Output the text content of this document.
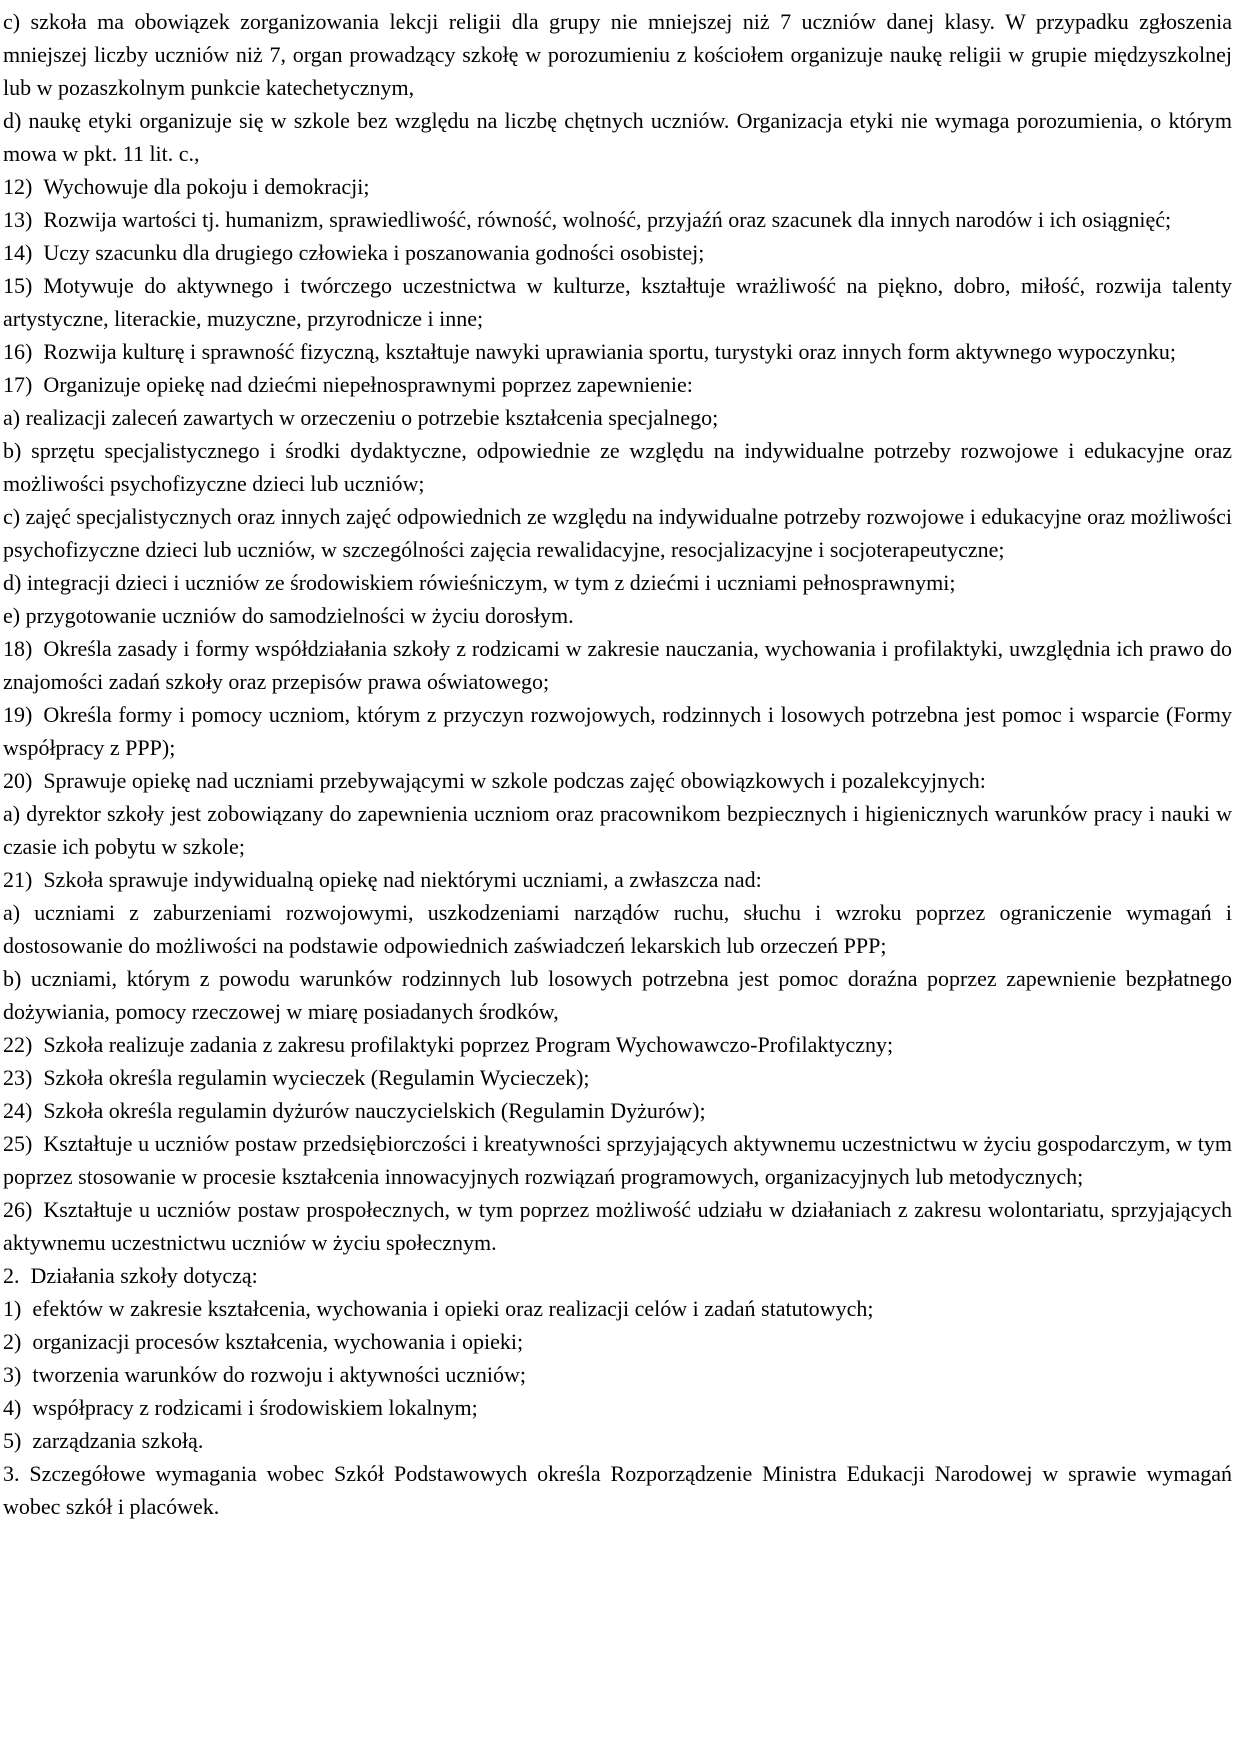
c) szkoła ma obowiązek zorganizowania lekcji religii dla grupy nie mniejszej niż 7 uczniów danej klasy. W przypadku zgłoszenia mniejszej liczby uczniów niż 7, organ prowadzący szkołę w porozumieniu z kościołem organizuje naukę religii w grupie międzyszkolnej lub w pozaszkolnym punkcie katechetycznym,

d) naukę etyki organizuje się w szkole bez względu na liczbę chętnych uczniów. Organizacja etyki nie wymaga porozumienia, o którym mowa w pkt. 11 lit. c.,

12) Wychowuje dla pokoju i demokracji;

13) Rozwija wartości tj. humanizm, sprawiedliwość, równość, wolność, przyjaźń oraz szacunek dla innych narodów i ich osiągnięć;

14) Uczy szacunku dla drugiego człowieka i poszanowania godności osobistej;

15) Motywuje do aktywnego i twórczego uczestnictwa w kulturze, kształtuje wrażliwość na piękno, dobro, miłość, rozwija talenty artystyczne, literackie, muzyczne, przyrodnicze i inne;

16) Rozwija kulturę i sprawność fizyczną, kształtuje nawyki uprawiania sportu, turystyki oraz innych form aktywnego wypoczynku;

17) Organizuje opiekę nad dziećmi niepełnosprawnymi poprzez zapewnienie:

a) realizacji zaleceń zawartych w orzeczeniu o potrzebie kształcenia specjalnego;

b) sprzętu specjalistycznego i środki dydaktyczne, odpowiednie ze względu na indywidualne potrzeby rozwojowe i edukacyjne oraz możliwości psychofizyczne dzieci lub uczniów;

c) zajęć specjalistycznych oraz innych zajęć odpowiednich ze względu na indywidualne potrzeby rozwojowe i edukacyjne oraz możliwości psychofizyczne dzieci lub uczniów, w szczególności zajęcia rewalidacyjne, resocjalizacyjne i socjoterapeutyczne;

d) integracji dzieci i uczniów ze środowiskiem rówieśniczym, w tym z dziećmi i uczniami pełnosprawnymi;

e) przygotowanie uczniów do samodzielności w życiu dorosłym.

18) Określa zasady i formy współdziałania szkoły z rodzicami w zakresie nauczania, wychowania i profilaktyki, uwzględnia ich prawo do znajomości zadań szkoły oraz przepisów prawa oświatowego;

19) Określa formy i pomocy uczniom, którym z przyczyn rozwojowych, rodzinnych i losowych potrzebna jest pomoc i wsparcie (Formy współpracy z PPP);

20) Sprawuje opiekę nad uczniami przebywającymi w szkole podczas zajęć obowiązkowych i pozalekcyjnych:

a) dyrektor szkoły jest zobowiązany do zapewnienia uczniom oraz pracownikom bezpiecznych i higienicznych warunków pracy i nauki w czasie ich pobytu w szkole;

21) Szkoła sprawuje indywidualną opiekę nad niektórymi uczniami, a zwłaszcza nad:

a) uczniami z zaburzeniami rozwojowymi, uszkodzeniami narządów ruchu, słuchu i wzroku poprzez ograniczenie wymagań i dostosowanie do możliwości na podstawie odpowiednich zaświadczeń lekarskich lub orzeczeń PPP;

b) uczniami, którym z powodu warunków rodzinnych lub losowych potrzebna jest pomoc doraźna poprzez zapewnienie bezpłatnego dożywiania, pomocy rzeczowej w miarę posiadanych środków,

22) Szkoła realizuje zadania z zakresu profilaktyki poprzez Program Wychowawczo-Profilaktyczny;

23) Szkoła określa regulamin wycieczek (Regulamin Wycieczek);

24) Szkoła określa regulamin dyżurów nauczycielskich (Regulamin Dyżurów);

25) Kształtuje u uczniów postaw przedsiębiorczości i kreatywności sprzyjających aktywnemu uczestnictwu w życiu gospodarczym, w tym poprzez stosowanie w procesie kształcenia innowacyjnych rozwiązań programowych, organizacyjnych lub metodycznych;

26) Kształtuje u uczniów postaw prospołecznych, w tym poprzez możliwość udziału w działaniach z zakresu wolontariatu, sprzyjających aktywnemu uczestnictwu uczniów w życiu społecznym.

2. Działania szkoły dotyczą:

1) efektów w zakresie kształcenia, wychowania i opieki oraz realizacji celów i zadań statutowych;

2) organizacji procesów kształcenia, wychowania i opieki;

3) tworzenia warunków do rozwoju i aktywności uczniów;

4) współpracy z rodzicami i środowiskiem lokalnym;

5) zarządzania szkołą.

3. Szczegółowe wymagania wobec Szkół Podstawowych określa Rozporządzenie Ministra Edukacji Narodowej w sprawie wymagań wobec szkół i placówek.
